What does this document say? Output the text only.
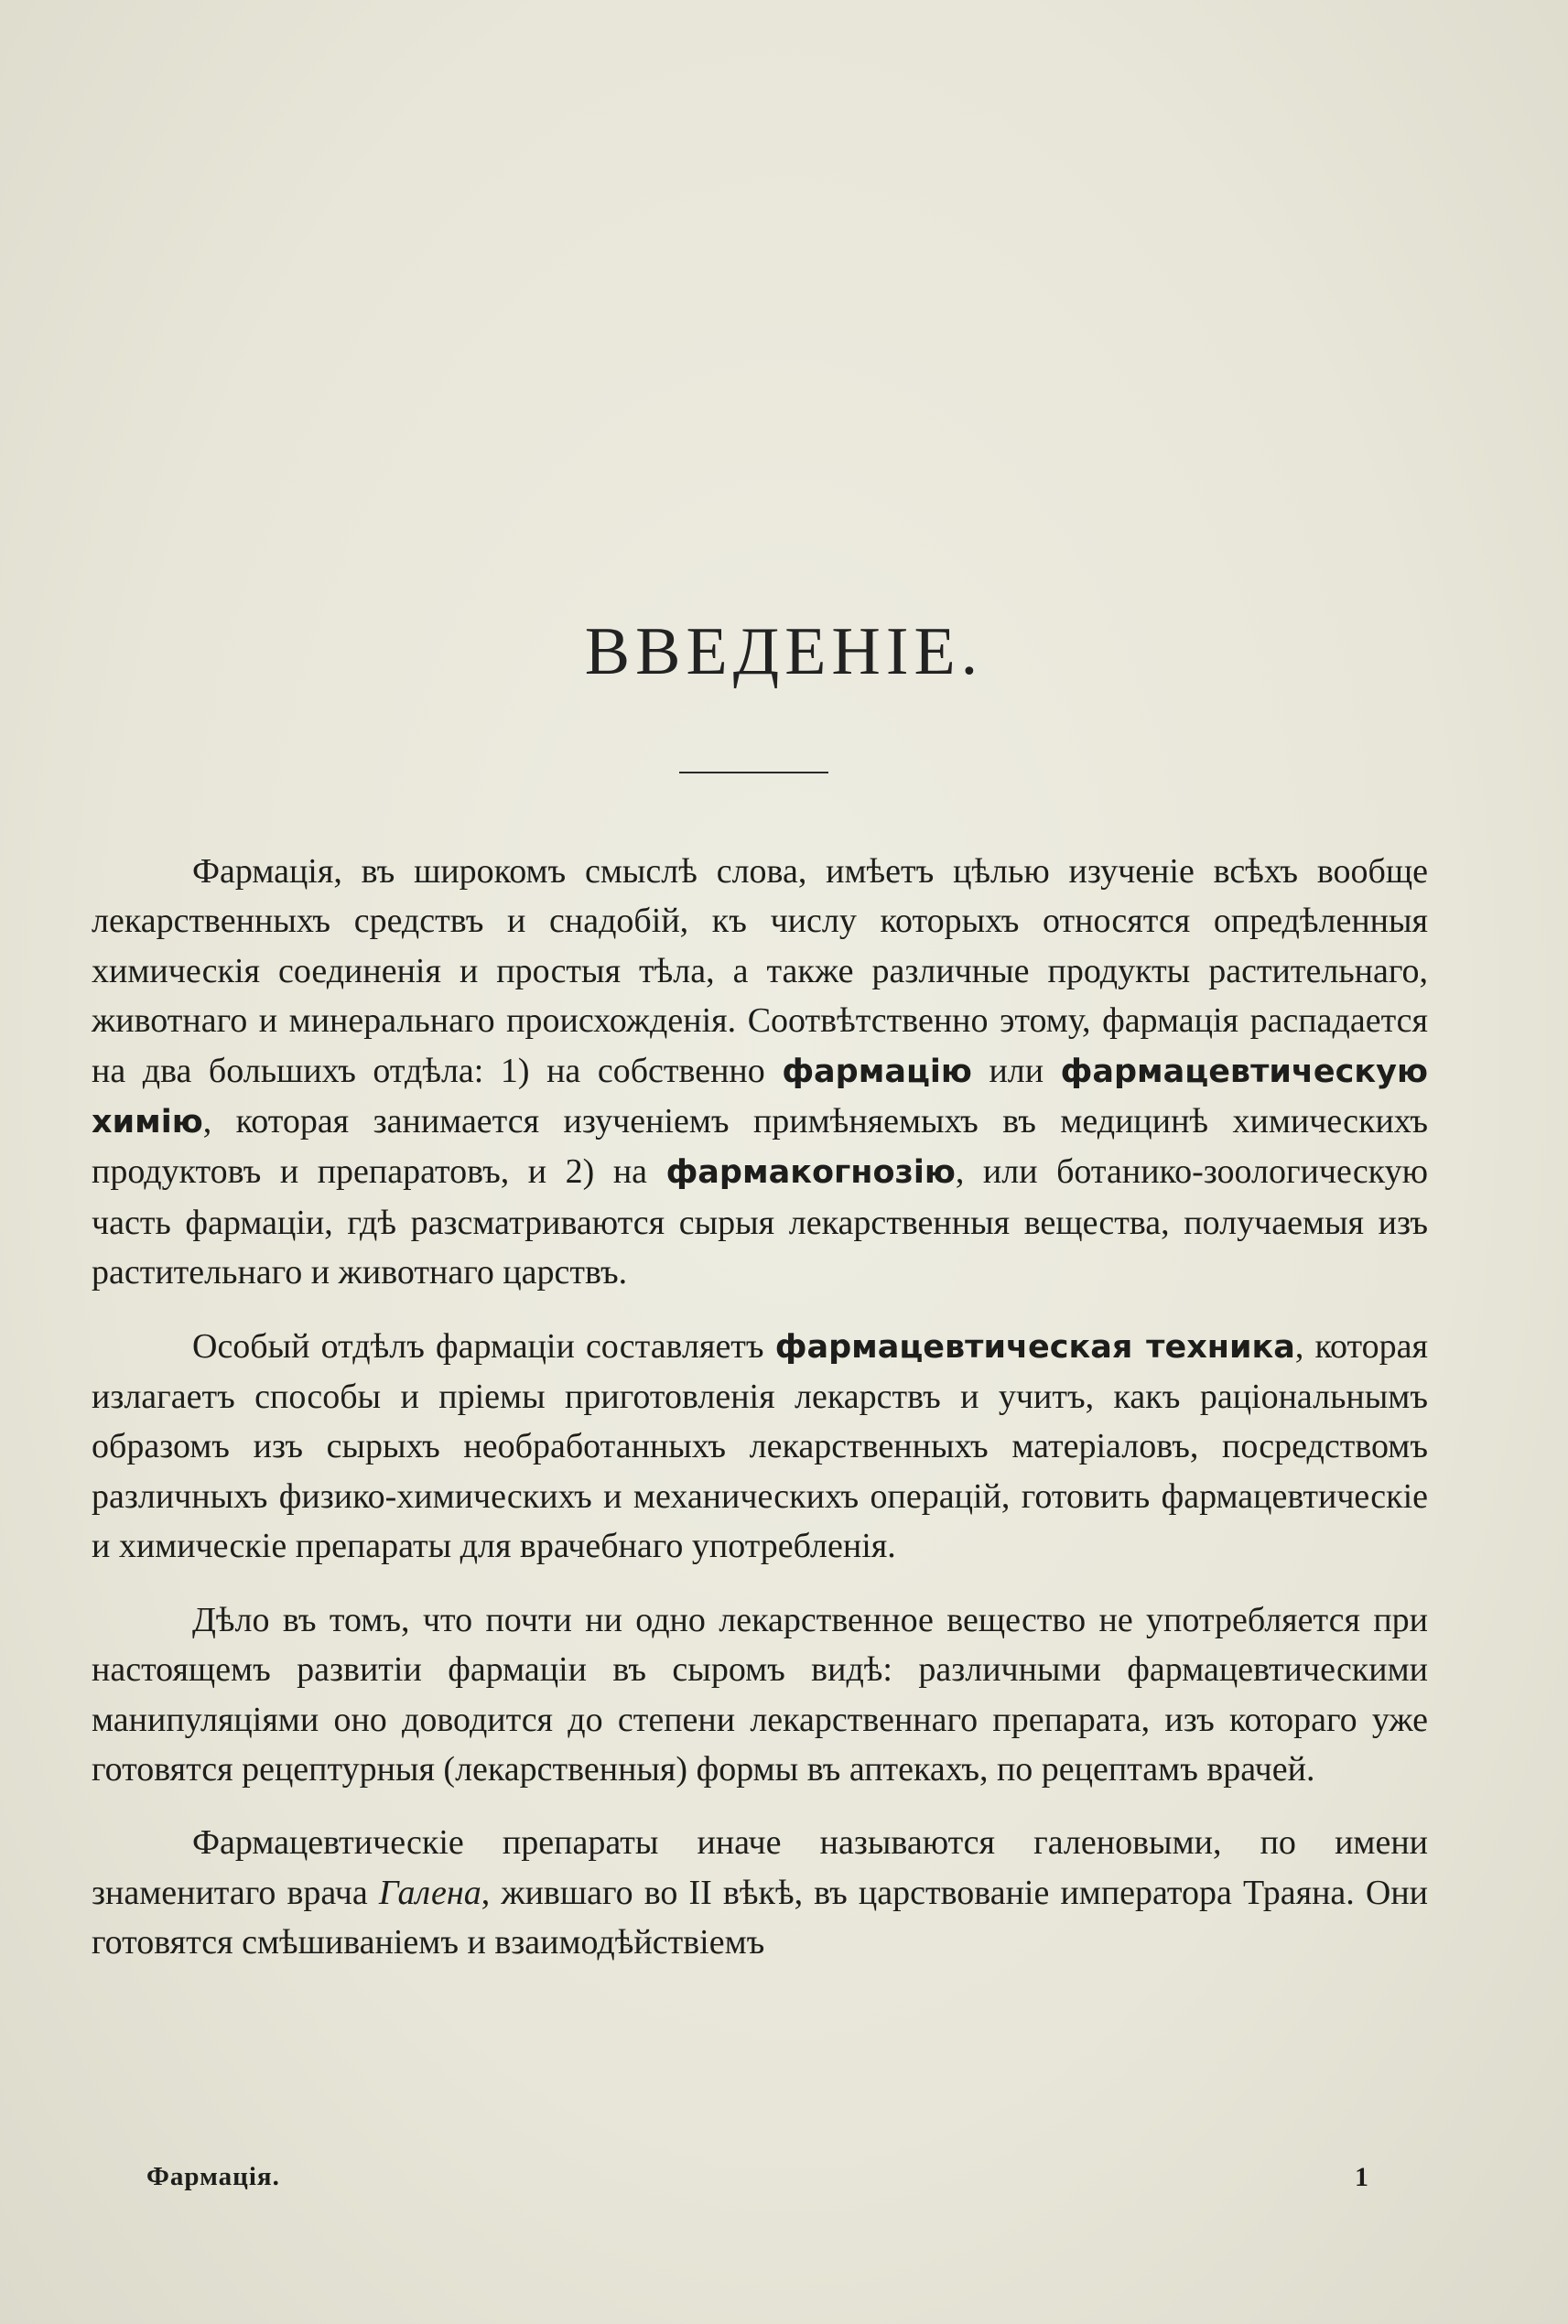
ВВЕДЕНІЕ.

Фармація, въ широкомъ смыслѣ слова, имѣетъ цѣлью изученіе всѣхъ вообще лекарственныхъ средствъ и снадобій, къ числу которыхъ относятся опредѣленныя химическія соединенія и простыя тѣла, а также различные продукты растительнаго, животнаго и минеральнаго происхожденія. Соотвѣтственно этому, фармація распадается на два большихъ отдѣла: 1) на собственно фармацію или фармацевтическую химію, которая занимается изученіемъ примѣняемыхъ въ медицинѣ химическихъ продуктовъ и препаратовъ, и 2) на фармакогнозію, или ботанико-зоологическую часть фармаціи, гдѣ разсматриваются сырыя лекарственныя вещества, получаемыя изъ растительнаго и животнаго царствъ.

Особый отдѣлъ фармаціи составляетъ фармацевтическая техника, которая излагаетъ способы и пріемы приготовленія лекарствъ и учитъ, какъ раціональнымъ образомъ изъ сырыхъ необработанныхъ лекарственныхъ матеріаловъ, посредствомъ различныхъ физико-химическихъ и механическихъ операцій, готовить фармацевтическіе и химическіе препараты для врачебнаго употребленія.

Дѣло въ томъ, что почти ни одно лекарственное вещество не употребляется при настоящемъ развитіи фармаціи въ сыромъ видѣ: различными фармацевтическими манипуляціями оно доводится до степени лекарственнаго препарата, изъ котораго уже готовятся рецептурныя (лекарственныя) формы въ аптекахъ, по рецептамъ врачей.

Фармацевтическіе препараты иначе называются галеновыми, по имени знаменитаго врача Галена, жившаго во II вѣкѣ, въ царствованіе императора Траяна. Они готовятся смѣшиваніемъ и взаимодѣйствіемъ

Фармація.	1
